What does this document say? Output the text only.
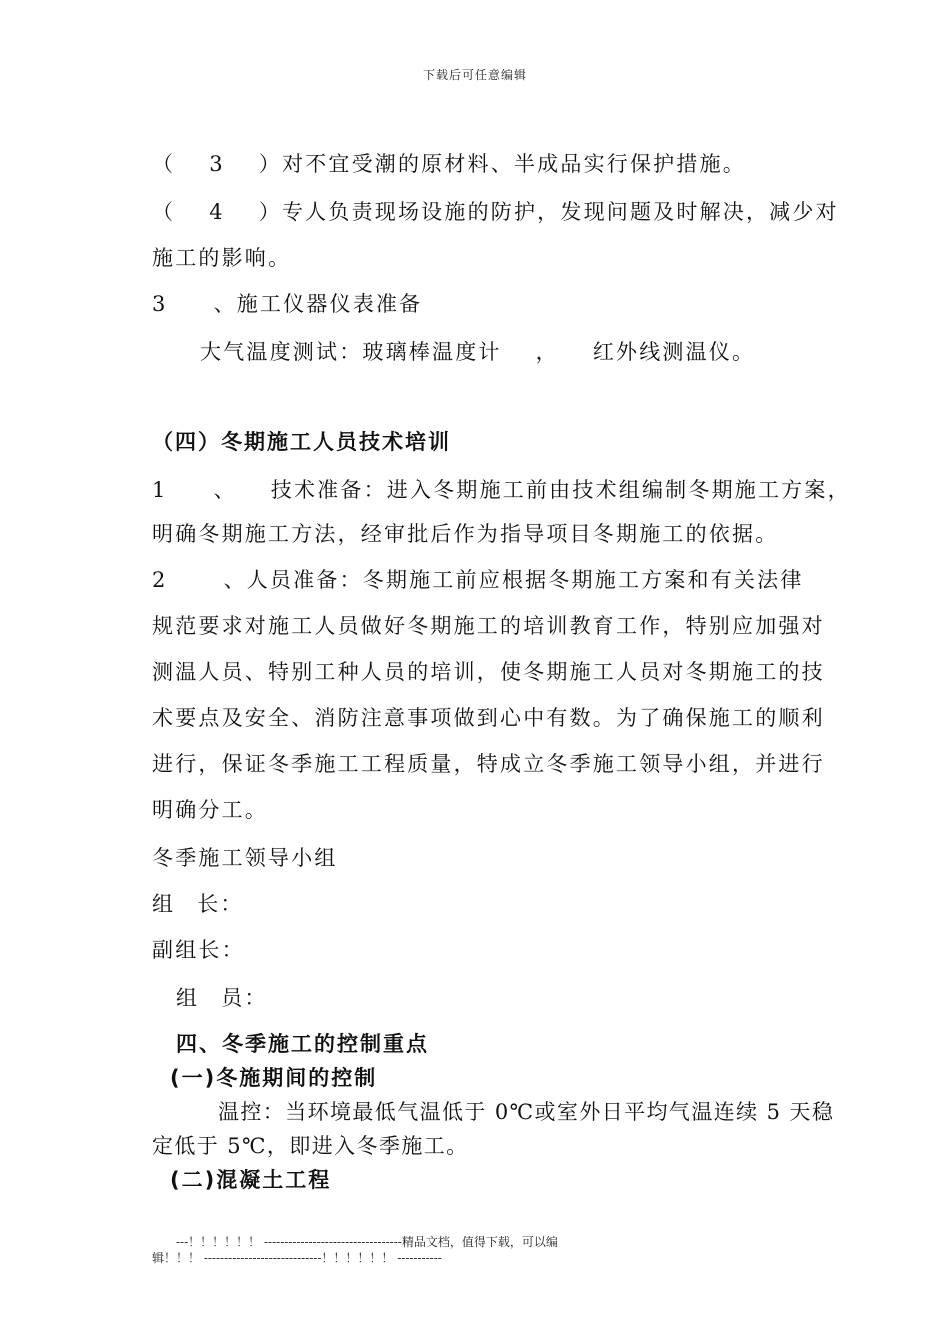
下载后可任意编辑
（ 3 ）对不宜受潮的原材料、半成品实行保护措施。
（ 4 ）专人负责现场设施的防护，发现问题及时解决，减少对
施工的影响。
3 、施工仪器仪表准备
大气温度测试：玻璃棒温度计 ， 红外线测温仪。
（四）冬期施工人员技术培训
1 、 技术准备：进入冬期施工前由技术组编制冬期施工方案，
明确冬期施工方法，经审批后作为指导项目冬期施工的依据。
2	、人员准备：冬期施工前应根据冬期施工方案和有关法律
规范要求对施工人员做好冬期施工的培训教育工作，特别应加强对
测温人员、特别工种人员的培训，使冬期施工人员对冬期施工的技
术要点及安全、消防注意事项做到心中有数。为了确保施工的顺利
进行，保证冬季施工工程质量，特成立冬季施工领导小组，并进行
明确分工。
冬季施工领导小组
组 长：
副组长：
组 员：
四、冬季施工的控制重点
(一)冬施期间的控制
温控：当环境最低气温低于 0℃或室外日平均气温连续 5 天稳
定低于 5℃，即进入冬季施工。
(二)混凝土工程
---！！！！！！ ----------------------------------精品文档，值得下载，可以编
辑！！！ -----------------------------！！！！！！ -----------
